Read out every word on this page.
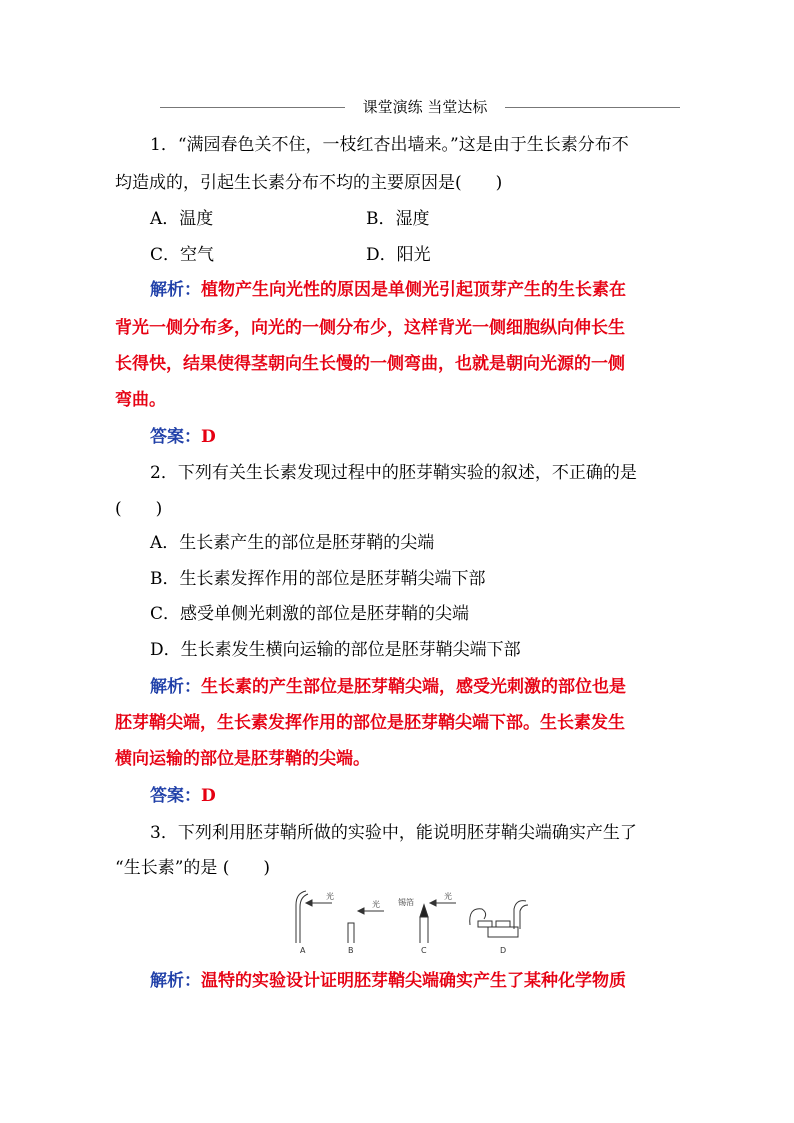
课堂演练 当堂达标
1．“满园春色关不住，一枝红杏出墙来。”这是由于生长素分布不
均造成的，引起生长素分布不均的主要原因是(　　)
A．温度	B．湿度
C．空气	D．阳光
解析：植物产生向光性的原因是单侧光引起顶芽产生的生长素在
背光一侧分布多，向光的一侧分布少，这样背光一侧细胞纵向伸长生
长得快，结果使得茎朝向生长慢的一侧弯曲，也就是朝向光源的一侧
弯曲。
答案：D
2．下列有关生长素发现过程中的胚芽鞘实验的叙述，不正确的是
(　　)
A．生长素产生的部位是胚芽鞘的尖端
B．生长素发挥作用的部位是胚芽鞘尖端下部
C．感受单侧光刺激的部位是胚芽鞘的尖端
D．生长素发生横向运输的部位是胚芽鞘尖端下部
解析：生长素的产生部位是胚芽鞘尖端，感受光刺激的部位也是
胚芽鞘尖端，生长素发挥作用的部位是胚芽鞘尖端下部。生长素发生
横向运输的部位是胚芽鞘的尖端。
答案：D
3．下列利用胚芽鞘所做的实验中，能说明胚芽鞘尖端确实产生了
“生长素”的是 (　　)
光
A
光
B
锡箔
光
C	D
解析：温特的实验设计证明胚芽鞘尖端确实产生了某种化学物质
